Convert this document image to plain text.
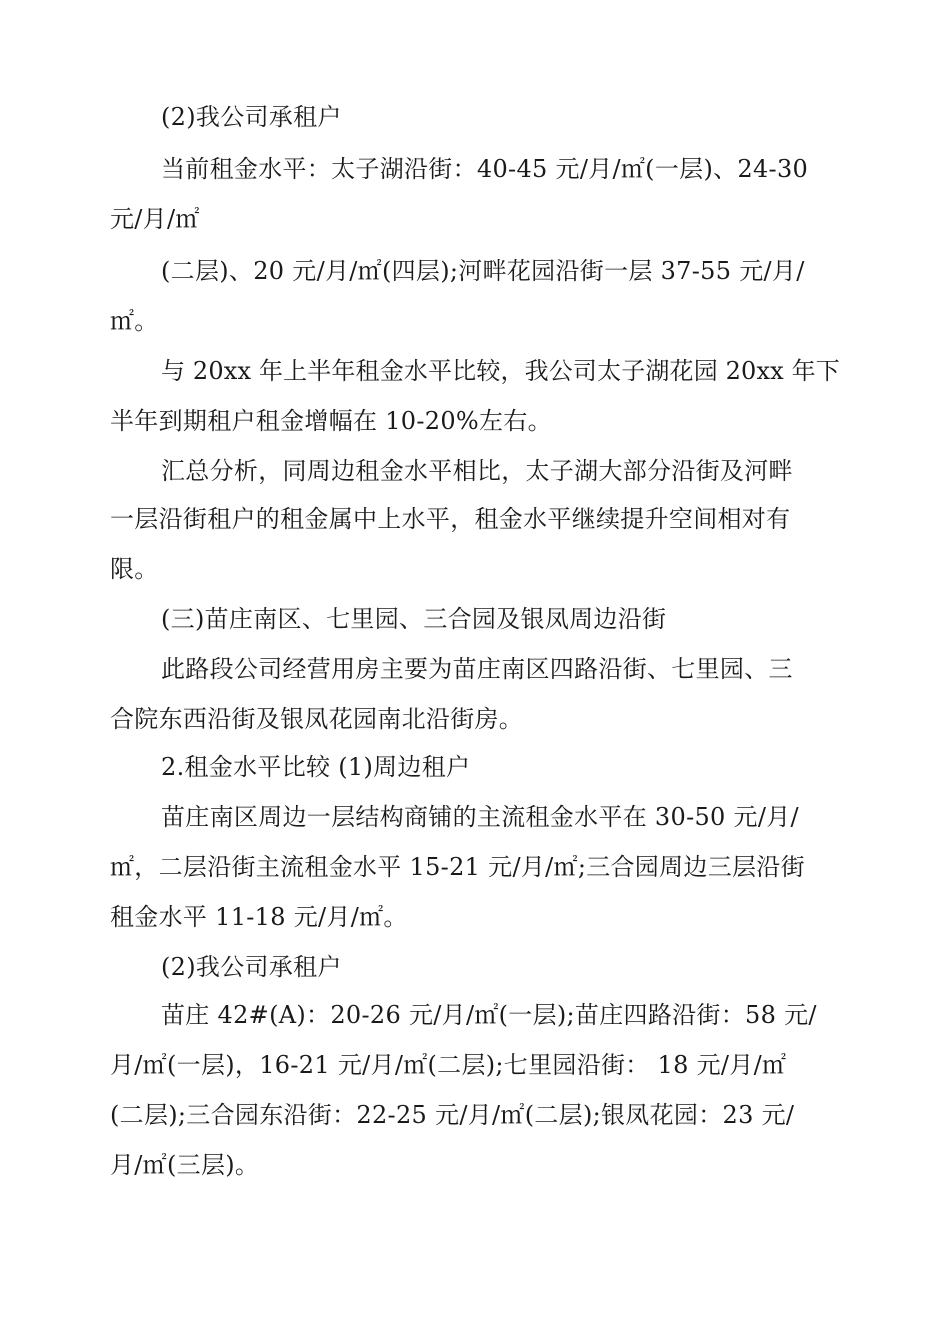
(2)我公司承租户
当前租金水平：太子湖沿街：40-45 元/月/㎡(一层)、24-30
元/月/㎡
(二层)、20 元/月/㎡(四层);河畔花园沿街一层 37-55 元/月/
㎡。
与 20xx 年上半年租金水平比较，我公司太子湖花园 20xx 年下
半年到期租户租金增幅在 10-20%左右。
汇总分析，同周边租金水平相比，太子湖大部分沿街及河畔
一层沿街租户的租金属中上水平，租金水平继续提升空间相对有
限。
(三)苗庄南区、七里园、三合园及银凤周边沿街
此路段公司经营用房主要为苗庄南区四路沿街、七里园、三
合院东西沿街及银凤花园南北沿街房。
2.租金水平比较 (1)周边租户
苗庄南区周边一层结构商铺的主流租金水平在 30-50 元/月/
㎡，二层沿街主流租金水平 15-21 元/月/㎡;三合园周边三层沿街
租金水平 11-18 元/月/㎡。
(2)我公司承租户
苗庄 42#(A)：20-26 元/月/㎡(一层);苗庄四路沿街：58 元/
月/㎡(一层)，16-21 元/月/㎡(二层);七里园沿街： 18 元/月/㎡
(二层);三合园东沿街：22-25 元/月/㎡(二层);银凤花园：23 元/
月/㎡(三层)。
